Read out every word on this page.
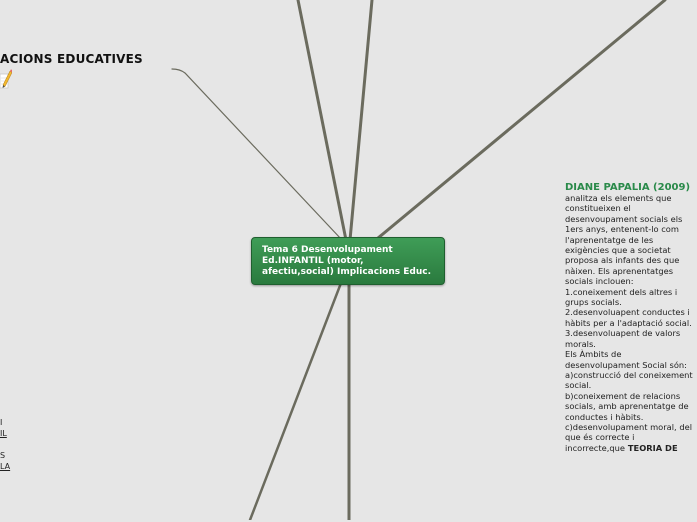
ACIONS EDUCATIVES
Tema 6 Desenvolupament Ed.INFANTIL (motor, afectiu,social) Implicacions Educ.
DIANE PAPALIA (2009) analitza els elements que constitueixen el desenvoupament socials els 1ers anys, entenent-lo com l'aprenentatge de les exigències que a societat proposa als infants des que nàixen. Els aprenentatges socials inclouen: 1.coneixement dels altres i grups socials.
2.desenvoluapent conductes i hàbits per a l'adaptació social.
3.desenvoluapent de valors morals.
Els Àmbits de desenvolupament Social són: a)construcció del coneixement social.
b)coneixement de relacions socials, amb aprenentatge de conductes i hàbits.
c)desenvolupament moral, del que és correcte i incorrecte,que TEORIA DE
I
IL
S
LA
